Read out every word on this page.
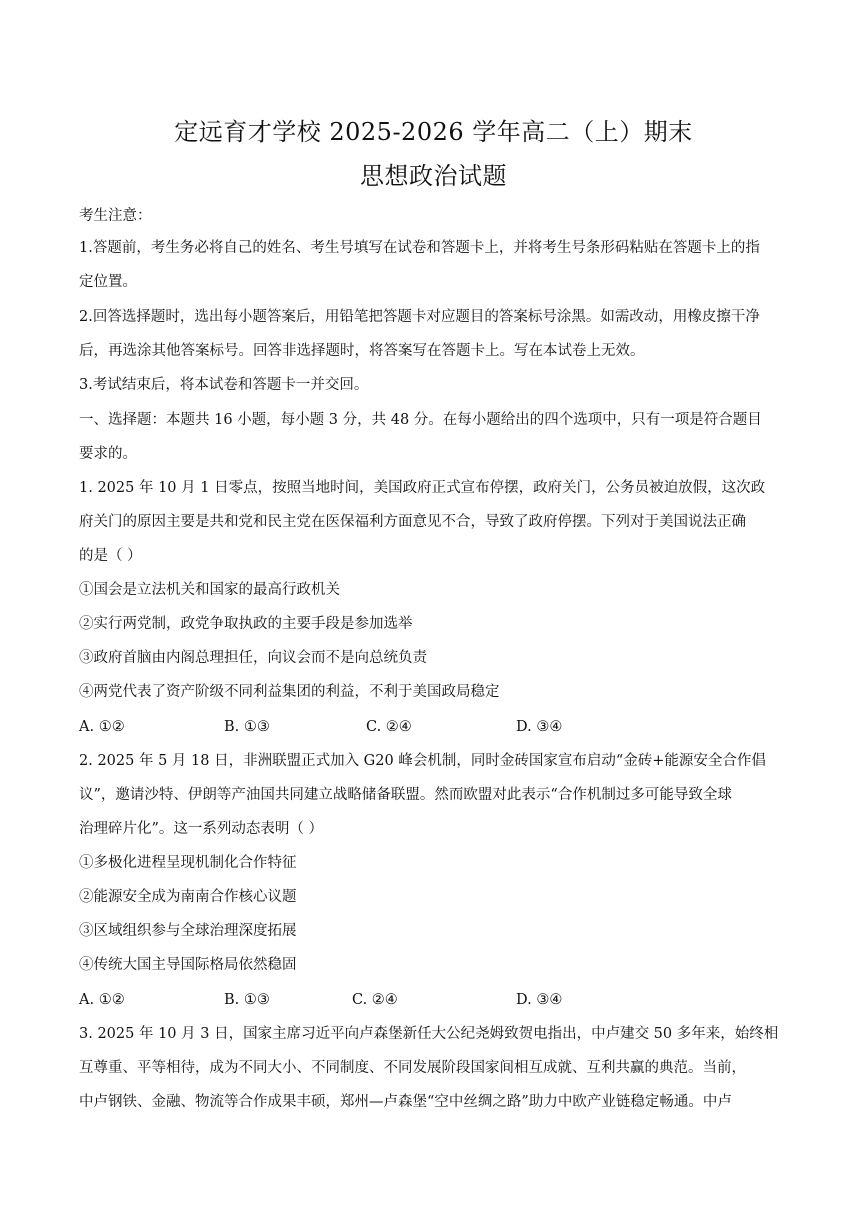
定远育才学校 2025-2026 学年高二（上）期末
思想政治试题
考生注意：
1.答题前，考生务必将自己的姓名、考生号填写在试卷和答题卡上，并将考生号条形码粘贴在答题卡上的指
定位置。
2.回答选择题时，选出每小题答案后，用铅笔把答题卡对应题目的答案标号涂黑。如需改动，用橡皮擦干净
后，再选涂其他答案标号。回答非选择题时，将答案写在答题卡上。写在本试卷上无效。
3.考试结束后，将本试卷和答题卡一并交回。
一、选择题：本题共 16 小题，每小题 3 分，共 48 分。在每小题给出的四个选项中，只有一项是符合题目
要求的。
1. 2025 年 10 月 1 日零点，按照当地时间，美国政府正式宣布停摆，政府关门，公务员被迫放假，这次政
府关门的原因主要是共和党和民主党在医保福利方面意见不合，导致了政府停摆。下列对于美国说法正确
的是（ ）
①国会是立法机关和国家的最高行政机关
②实行两党制，政党争取执政的主要手段是参加选举
③政府首脑由内阁总理担任，向议会而不是向总统负责
④两党代表了资产阶级不同利益集团的利益，不利于美国政局稳定
A. ①②	B. ①③	C. ②④	D. ③④
2. 2025 年 5 月 18 日，非洲联盟正式加入 G20 峰会机制，同时金砖国家宣布启动“金砖+能源安全合作倡
议”，邀请沙特、伊朗等产油国共同建立战略储备联盟。然而欧盟对此表示“合作机制过多可能导致全球
治理碎片化”。这一系列动态表明（ ）
①多极化进程呈现机制化合作特征
②能源安全成为南南合作核心议题
③区域组织参与全球治理深度拓展
④传统大国主导国际格局依然稳固
A. ①②	B. ①③	C. ②④	D. ③④
3. 2025 年 10 月 3 日，国家主席习近平向卢森堡新任大公纪尧姆致贺电指出，中卢建交 50 多年来，始终相
互尊重、平等相待，成为不同大小、不同制度、不同发展阶段国家间相互成就、互利共赢的典范。当前，
中卢钢铁、金融、物流等合作成果丰硕，郑州—卢森堡“空中丝绸之路”助力中欧产业链稳定畅通。中卢
